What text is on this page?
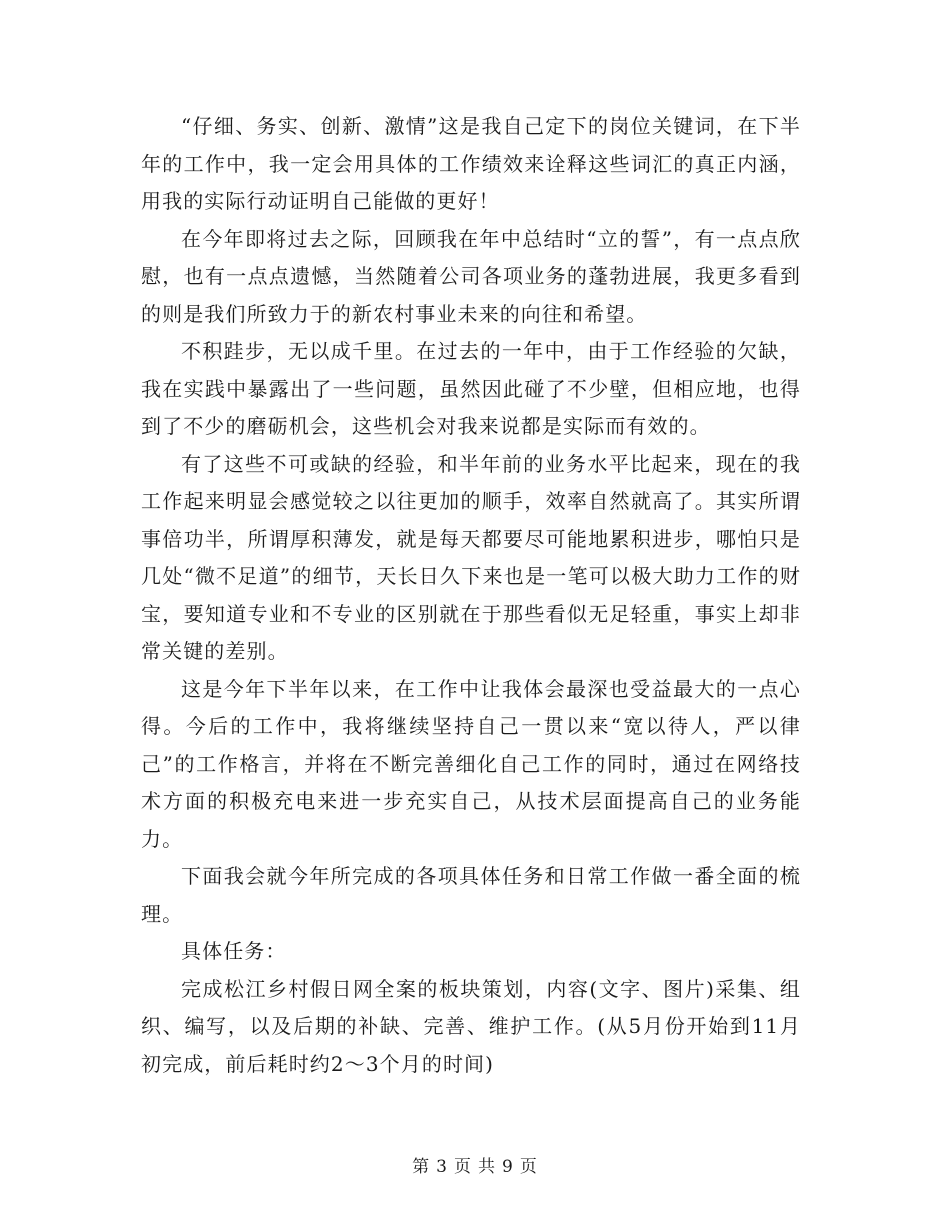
“仔细、务实、创新、激情”这是我自己定下的岗位关键词，在下半年的工作中，我一定会用具体的工作绩效来诠释这些词汇的真正内涵，用我的实际行动证明自己能做的更好！

在今年即将过去之际，回顾我在年中总结时“立的誓”，有一点点欣慰，也有一点点遗憾，当然随着公司各项业务的蓬勃进展，我更多看到的则是我们所致力于的新农村事业未来的向往和希望。

不积跬步，无以成千里。在过去的一年中，由于工作经验的欠缺，我在实践中暴露出了一些问题，虽然因此碰了不少壁，但相应地，也得到了不少的磨砺机会，这些机会对我来说都是实际而有效的。

有了这些不可或缺的经验，和半年前的业务水平比起来，现在的我工作起来明显会感觉较之以往更加的顺手，效率自然就高了。其实所谓事倍功半，所谓厚积薄发，就是每天都要尽可能地累积进步，哪怕只是几处“微不足道”的细节，天长日久下来也是一笔可以极大助力工作的财宝，要知道专业和不专业的区别就在于那些看似无足轻重，事实上却非常关键的差别。

这是今年下半年以来，在工作中让我体会最深也受益最大的一点心得。今后的工作中，我将继续坚持自己一贯以来“宽以待人，严以律己”的工作格言，并将在不断完善细化自己工作的同时，通过在网络技术方面的积极充电来进一步充实自己，从技术层面提高自己的业务能力。

下面我会就今年所完成的各项具体任务和日常工作做一番全面的梳理。

具体任务：

完成松江乡村假日网全案的板块策划，内容(文字、图片)采集、组织、编写，以及后期的补缺、完善、维护工作。(从5月份开始到11月初完成，前后耗时约2～3个月的时间)

第 3 页 共 9 页
